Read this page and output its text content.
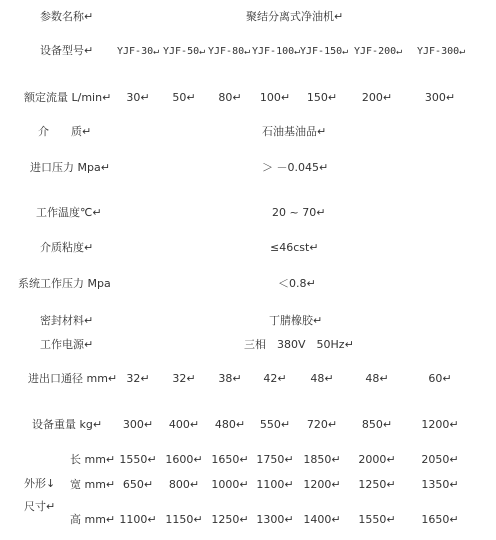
参数名称↵	聚结分离式净油机↵
设备型号↵ YJF-30↵ YJF-50↵ YJF-80↵ YJF-100↵ YJF-150↵ YJF-200↵ YJF-300↵
额定流量 L/min↵ 30↵ 50↵ 80↵ 100↵ 150↵ 200↵	300↵
介　　质↵	石油基油品↵
进口压力 Mpa↵	＞ －0.045↵
工作温度℃↵	20 ~ 70↵
介质粘度↵	≤46cst↵
系统工作压力 Mpa	＜0.8↵
密封材料↵	丁腈橡胶↵
工作电源↵	三相　380V　50Hz↵
进出口通径 mm↵ 32↵ 32↵ 38↵ 42↵ 48↵	48↵	60↵
设备重量 kg↵ 300↵ 400↵ 480↵ 550↵ 720↵ 850↵	1200↵
外形↓
尺寸↵
长 mm↵ 1550↵ 1600↵ 1650↵ 1750↵ 1850↵ 2000↵ 2050↵
宽 mm↵ 650↵ 800↵ 1000↵ 1100↵ 1200↵ 1250↵ 1350↵
高 mm↵ 1100↵ 1150↵ 1250↵ 1300↵ 1400↵ 1550↵ 1650↵
